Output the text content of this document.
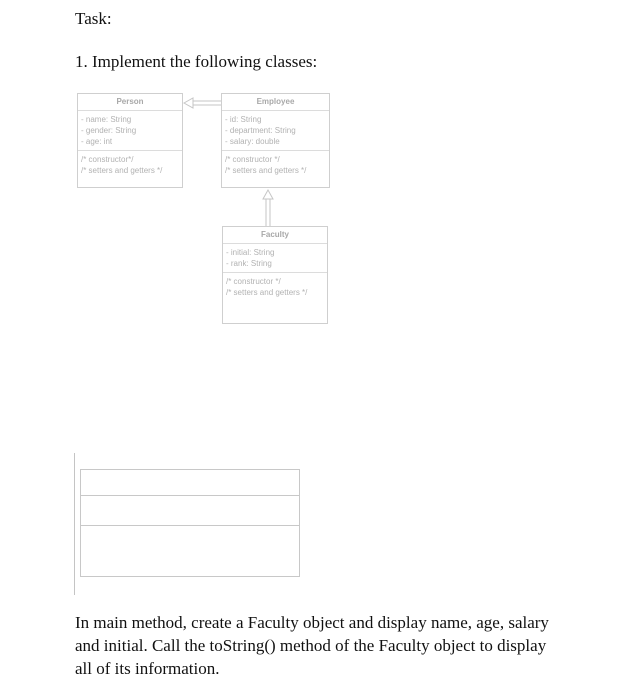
Task:
1. Implement the following classes:
Person
- name: String
- gender: String
- age: int
/* constructor*/
/* setters and getters */
Employee
- id: String
- department: String
- salary: double
/* constructor */
/* setters and getters */
Faculty
- initial: String
- rank: String
/* constructor */
/* setters and getters */
In main method, create a Faculty object and display name, age, salary and initial. Call the toString() method of the Faculty object to display all of its information.
